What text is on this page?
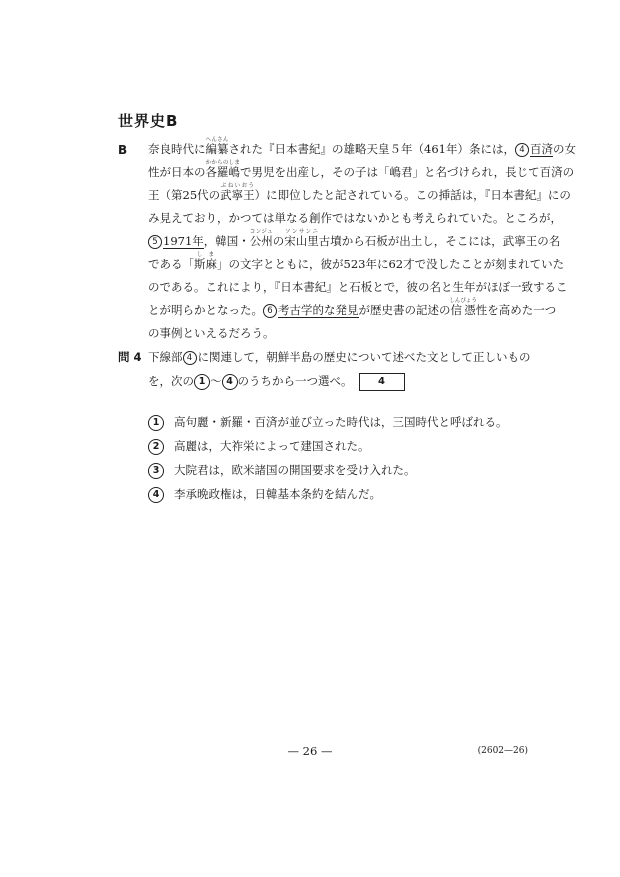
世界史B
B 奈良時代に編纂へんさんされた『日本書紀』の雄略天皇５年（461年）条には， 4 百済の女
性が日本の各羅嶋かからのしまで男児を出産し，その子は「嶋君」と名づけられ，長じて百済の
王（第25代の武寧王ぶねいおう）に即位したと記されている。この挿話は，『日本書紀』にの
み見えており，かつては単なる創作ではないかとも考えられていた。ところが，
5 1971年，韓国・公州コンジュの宋山里ソンサンニ古墳から石板が出土し，そこには，武寧王の名
である「斯麻しま」の文字とともに，彼が523年に62才で没したことが刻まれていた
のである。これにより，『日本書紀』と石板とで，彼の名と生年がほぼ一致するこ
とが明らかとなった。 6 考古学的な発見が歴史書の記述の信憑しんぴょう性を高めた一つ
の事例といえるだろう。
問 4 下線部 4 に関連して，朝鮮半島の歴史について述べた文として正しいもの
を，次の 1 ～ 4 のうちから一つ選べ。	4
1 高句麗・新羅・百済が並び立った時代は，三国時代と呼ばれる。
2 高麗は，大祚栄によって建国された。
3 大院君は，欧米諸国の開国要求を受け入れた。
4 李承晩政権は，日韓基本条約を結んだ。
— 26 —	(2602—26)
